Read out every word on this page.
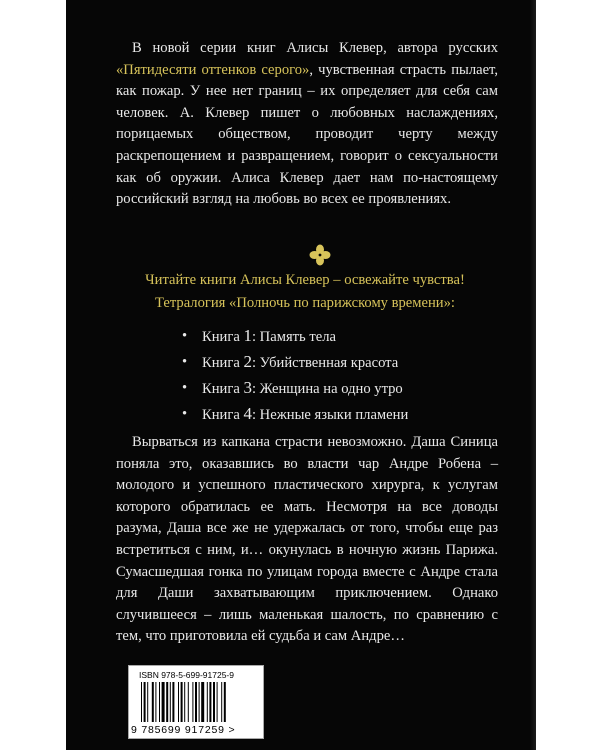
В новой серии книг Алисы Клевер, автора русских «Пятидесяти оттенков серого», чувственная страсть пылает, как пожар. У нее нет границ – их определяет для себя сам человек. А. Клевер пишет о любовных наслаждениях, порицаемых обществом, проводит черту между раскрепощением и развращением, говорит о сексуальности как об оружии. Алиса Клевер дает нам по-настоящему российский взгляд на любовь во всех ее проявлениях.

Читайте книги Алисы Клевер – освежайте чувства!
Тетралогия «Полночь по парижскому времени»:
• Книга 1: Память тела
• Книга 2: Убийственная красота
• Книга 3: Женщина на одно утро
• Книга 4: Нежные языки пламени

Вырваться из капкана страсти невозможно. Даша Синица поняла это, оказавшись во власти чар Андре Робена – молодого и успешного пластического хирурга, к услугам которого обратилась ее мать. Несмотря на все доводы разума, Даша все же не удержалась от того, чтобы еще раз встретиться с ним, и… окунулась в ночную жизнь Парижа. Сумасшедшая гонка по улицам города вместе с Андре стала для Даши захватывающим приключением. Однако случившееся – лишь маленькая шалость, по сравнению с тем, что приготовила ей судьба и сам Андре…

ISBN 978-5-699-91725-9
9 785699 917259 >
